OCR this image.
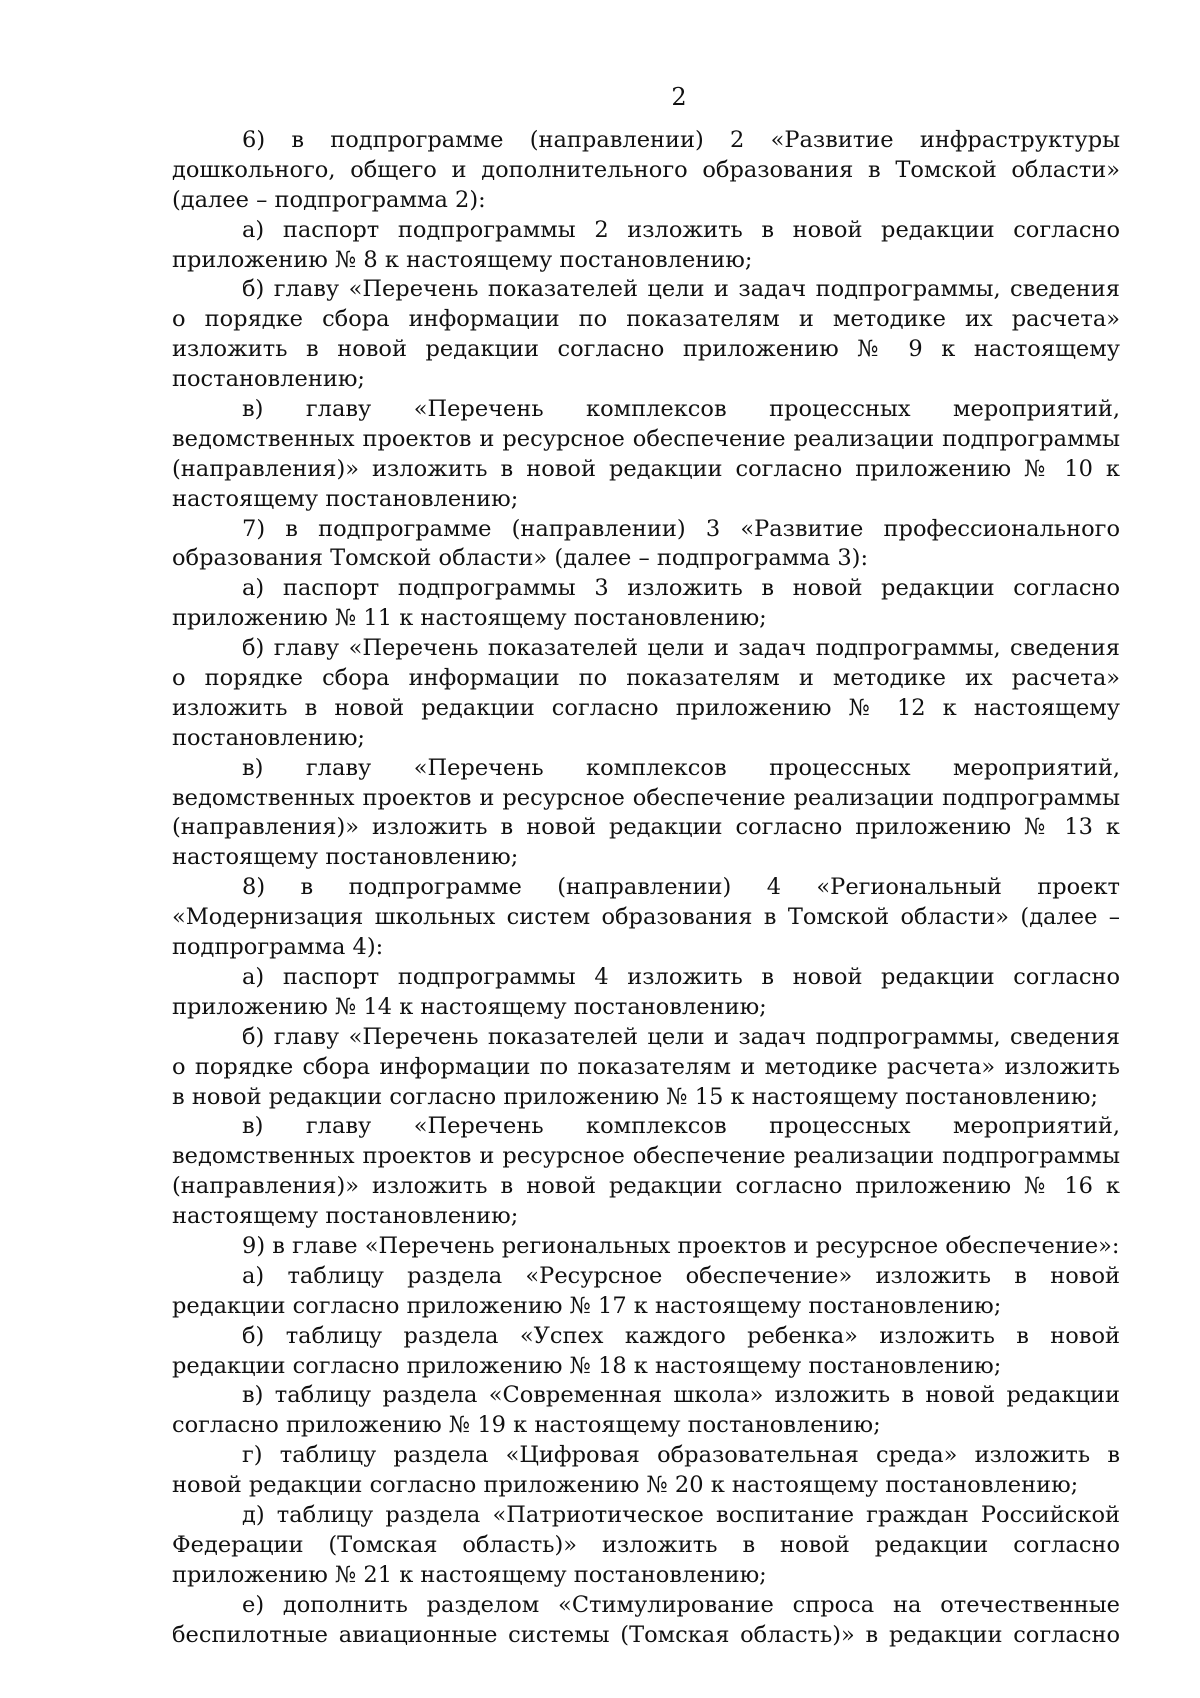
2

6) в подпрограмме (направлении) 2 «Развитие инфраструктуры дошкольного, общего и дополнительного образования в Томской области» (далее – подпрограмма 2):

а) паспорт подпрограммы 2 изложить в новой редакции согласно приложению № 8 к настоящему постановлению;

б) главу «Перечень показателей цели и задач подпрограммы, сведения о порядке сбора информации по показателям и методике их расчета» изложить в новой редакции согласно приложению № 9 к настоящему постановлению;

в) главу «Перечень комплексов процессных мероприятий, ведомственных проектов и ресурсное обеспечение реализации подпрограммы (направления)» изложить в новой редакции согласно приложению № 10 к настоящему постановлению;

7) в подпрограмме (направлении) 3 «Развитие профессионального образования Томской области» (далее – подпрограмма 3):

а) паспорт подпрограммы 3 изложить в новой редакции согласно приложению № 11 к настоящему постановлению;

б) главу «Перечень показателей цели и задач подпрограммы, сведения о порядке сбора информации по показателям и методике их расчета» изложить в новой редакции согласно приложению № 12 к настоящему постановлению;

в) главу «Перечень комплексов процессных мероприятий, ведомственных проектов и ресурсное обеспечение реализации подпрограммы (направления)» изложить в новой редакции согласно приложению № 13 к настоящему постановлению;

8) в подпрограмме (направлении) 4 «Региональный проект «Модернизация школьных систем образования в Томской области» (далее – подпрограмма 4):

а) паспорт подпрограммы 4 изложить в новой редакции согласно приложению № 14 к настоящему постановлению;

б) главу «Перечень показателей цели и задач подпрограммы, сведения о порядке сбора информации по показателям и методике расчета» изложить в новой редакции согласно приложению № 15 к настоящему постановлению;

в) главу «Перечень комплексов процессных мероприятий, ведомственных проектов и ресурсное обеспечение реализации подпрограммы (направления)» изложить в новой редакции согласно приложению № 16 к настоящему постановлению;

9) в главе «Перечень региональных проектов и ресурсное обеспечение»:

а) таблицу раздела «Ресурсное обеспечение» изложить в новой редакции согласно приложению № 17 к настоящему постановлению;

б) таблицу раздела «Успех каждого ребенка» изложить в новой редакции согласно приложению № 18 к настоящему постановлению;

в) таблицу раздела «Современная школа» изложить в новой редакции согласно приложению № 19 к настоящему постановлению;

г) таблицу раздела «Цифровая образовательная среда» изложить в новой редакции согласно приложению № 20 к настоящему постановлению;

д) таблицу раздела «Патриотическое воспитание граждан Российской Федерации (Томская область)» изложить в новой редакции согласно приложению № 21 к настоящему постановлению;

е) дополнить разделом «Стимулирование спроса на отечественные беспилотные авиационные системы (Томская область)» в редакции согласно
